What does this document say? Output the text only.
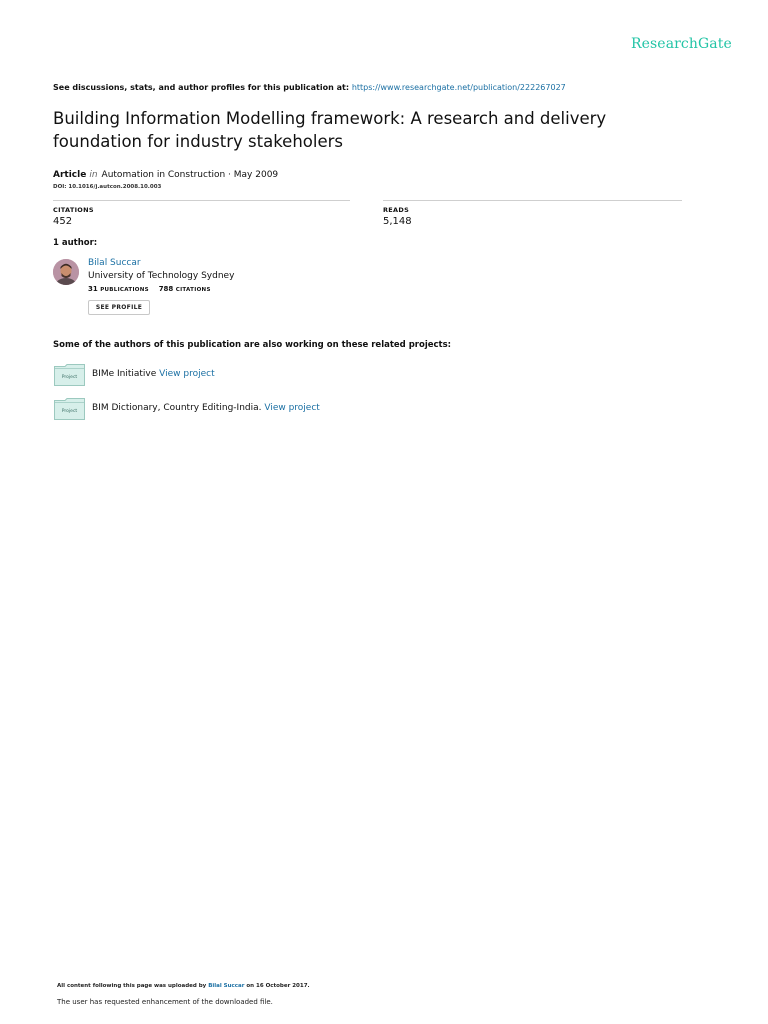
ResearchGate
See discussions, stats, and author profiles for this publication at: https://www.researchgate.net/publication/222267027
Building Information Modelling framework: A research and delivery foundation for industry stakeholers
Article in Automation in Construction · May 2009
DOI: 10.1016/j.autcon.2008.10.003
CITATIONS
452
READS
5,148
1 author:
Bilal Succar
University of Technology Sydney
31 PUBLICATIONS 788 CITATIONS
SEE PROFILE
Some of the authors of this publication are also working on these related projects:
Project	BIMe Initiative View project
Project	BIM Dictionary, Country Editing-India. View project
All content following this page was uploaded by Bilal Succar on 16 October 2017.
The user has requested enhancement of the downloaded file.
